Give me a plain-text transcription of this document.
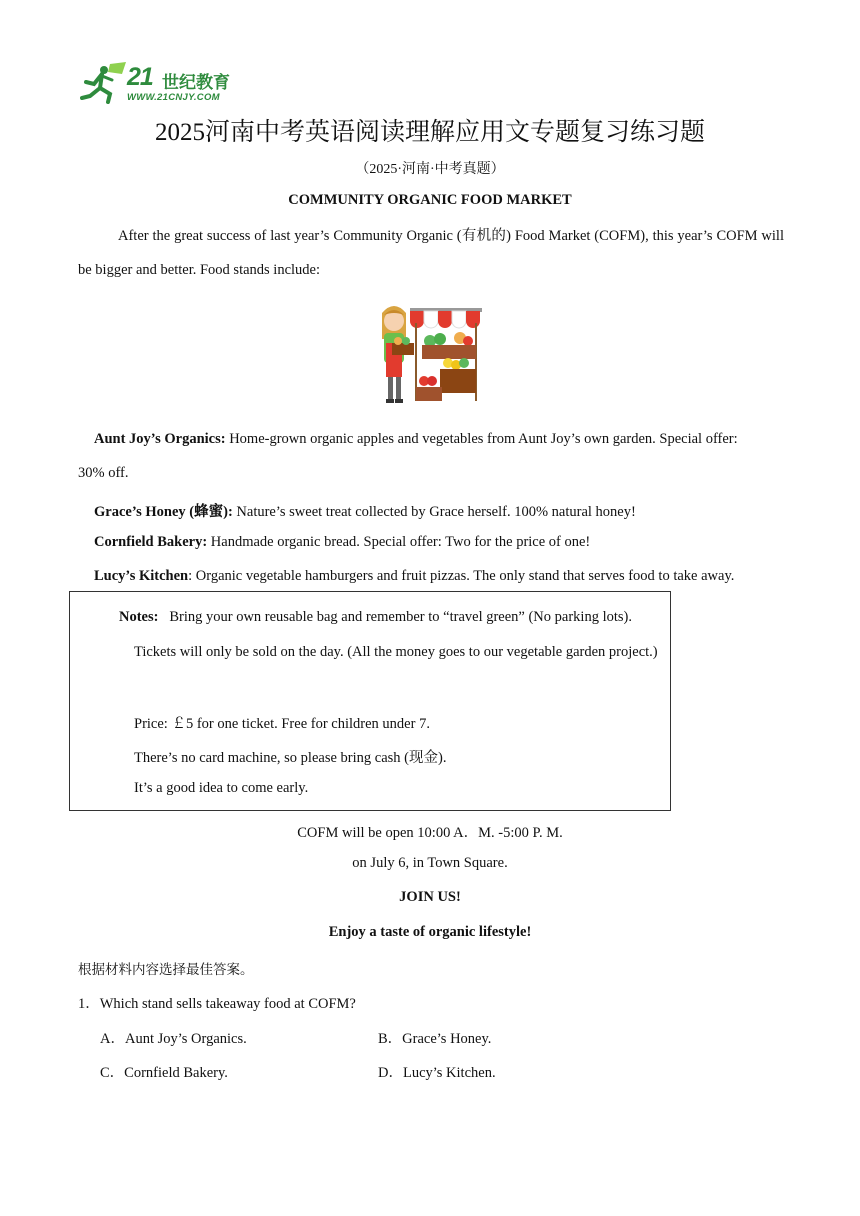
21 世纪教育
WWW.21CNJY.COM
2025河南中考英语阅读理解应用文专题复习练习题
（2025·河南·中考真题）
COMMUNITY ORGANIC FOOD MARKET
After the great success of last year’s Community Organic (有机的) Food Market (COFM), this year’s COFM will be bigger and better. Food stands include:
Aunt Joy’s Organics: Home-grown organic apples and vegetables from Aunt Joy’s own garden. Special offer:
30% off.
Grace’s Honey (蜂蜜): Nature’s sweet treat collected by Grace herself. 100% natural honey!
Cornfield Bakery: Handmade organic bread. Special offer: Two for the price of one!
Lucy’s Kitchen: Organic vegetable hamburgers and fruit pizzas. The only stand that serves food to take away.
Notes: Bring your own reusable bag and remember to “travel green” (No parking lots).
Tickets will only be sold on the day. (All the money goes to our vegetable garden project.)
Price: ￡5 for one ticket. Free for children under 7.
There’s no card machine, so please bring cash (现金).
It’s a good idea to come early.
COFM will be open 10:00 A．M. -5:00 P. M.
on July 6, in Town Square.
JOIN US!
Enjoy a taste of organic lifestyle!
根据材料内容选择最佳答案。
1．Which stand sells takeaway food at COFM?
A．Aunt Joy’s Organics.	B．Grace’s Honey.
C．Cornfield Bakery.	D．Lucy’s Kitchen.
